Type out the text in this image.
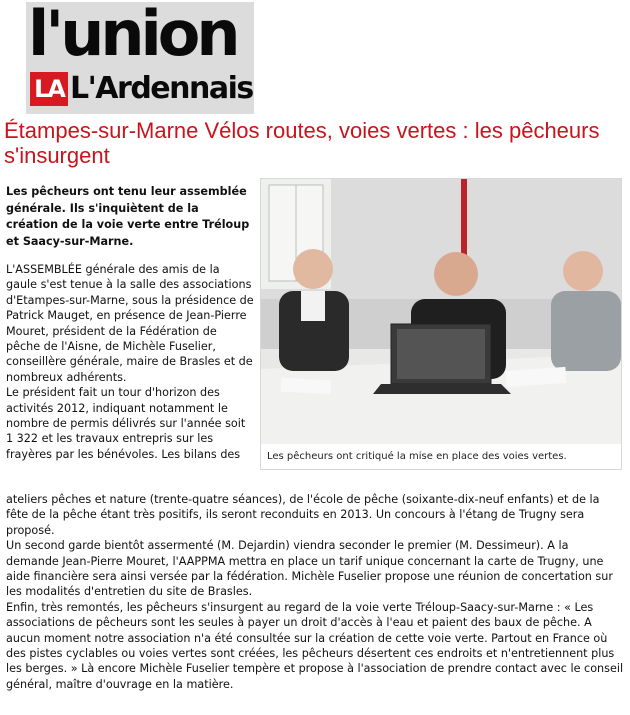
l'union
LA L'Ardennais
Étampes-sur-Marne Vélos routes, voies vertes : les pêcheurs s'insurgent
Les pêcheurs ont tenu leur assemblée générale. Ils s'inquiètent de la création de la voie verte entre Tréloup et Saacy-sur-Marne.

L'ASSEMBLÉE générale des amis de la gaule s'est tenue à la salle des associations d'Etampes-sur-Marne, sous la présidence de Patrick Mauget, en présence de Jean-Pierre Mouret, président de la Fédération de pêche de l'Aisne, de Michèle Fuselier, conseillère générale, maire de Brasles et de nombreux adhérents.

Le président fait un tour d'horizon des activités 2012, indiquant notamment le nombre de permis délivrés sur l'année soit 1 322 et les travaux entrepris sur les frayères par les bénévoles. Les bilans des	Les pêcheurs ont critiqué la mise en place des voies vertes.

ateliers pêches et nature (trente-quatre séances), de l'école de pêche (soixante-dix-neuf enfants) et de la fête de la pêche étant très positifs, ils seront reconduits en 2013. Un concours à l'étang de Trugny sera proposé.

Un second garde bientôt assermenté (M. Dejardin) viendra seconder le premier (M. Dessimeur). A la demande Jean-Pierre Mouret, l'AAPPMA mettra en place un tarif unique concernant la carte de Trugny, une aide financière sera ainsi versée par la fédération. Michèle Fuselier propose une réunion de concertation sur les modalités d'entretien du site de Brasles.

Enfin, très remontés, les pêcheurs s'insurgent au regard de la voie verte Tréloup-Saacy-sur-Marne : « Les associations de pêcheurs sont les seules à payer un droit d'accès à l'eau et paient des baux de pêche. A aucun moment notre association n'a été consultée sur la création de cette voie verte. Partout en France où des pistes cyclables ou voies vertes sont créées, les pêcheurs désertent ces endroits et n'entretiennent plus les berges. » Là encore Michèle Fuselier tempère et propose à l'association de prendre contact avec le conseil général, maître d'ouvrage en la matière.
